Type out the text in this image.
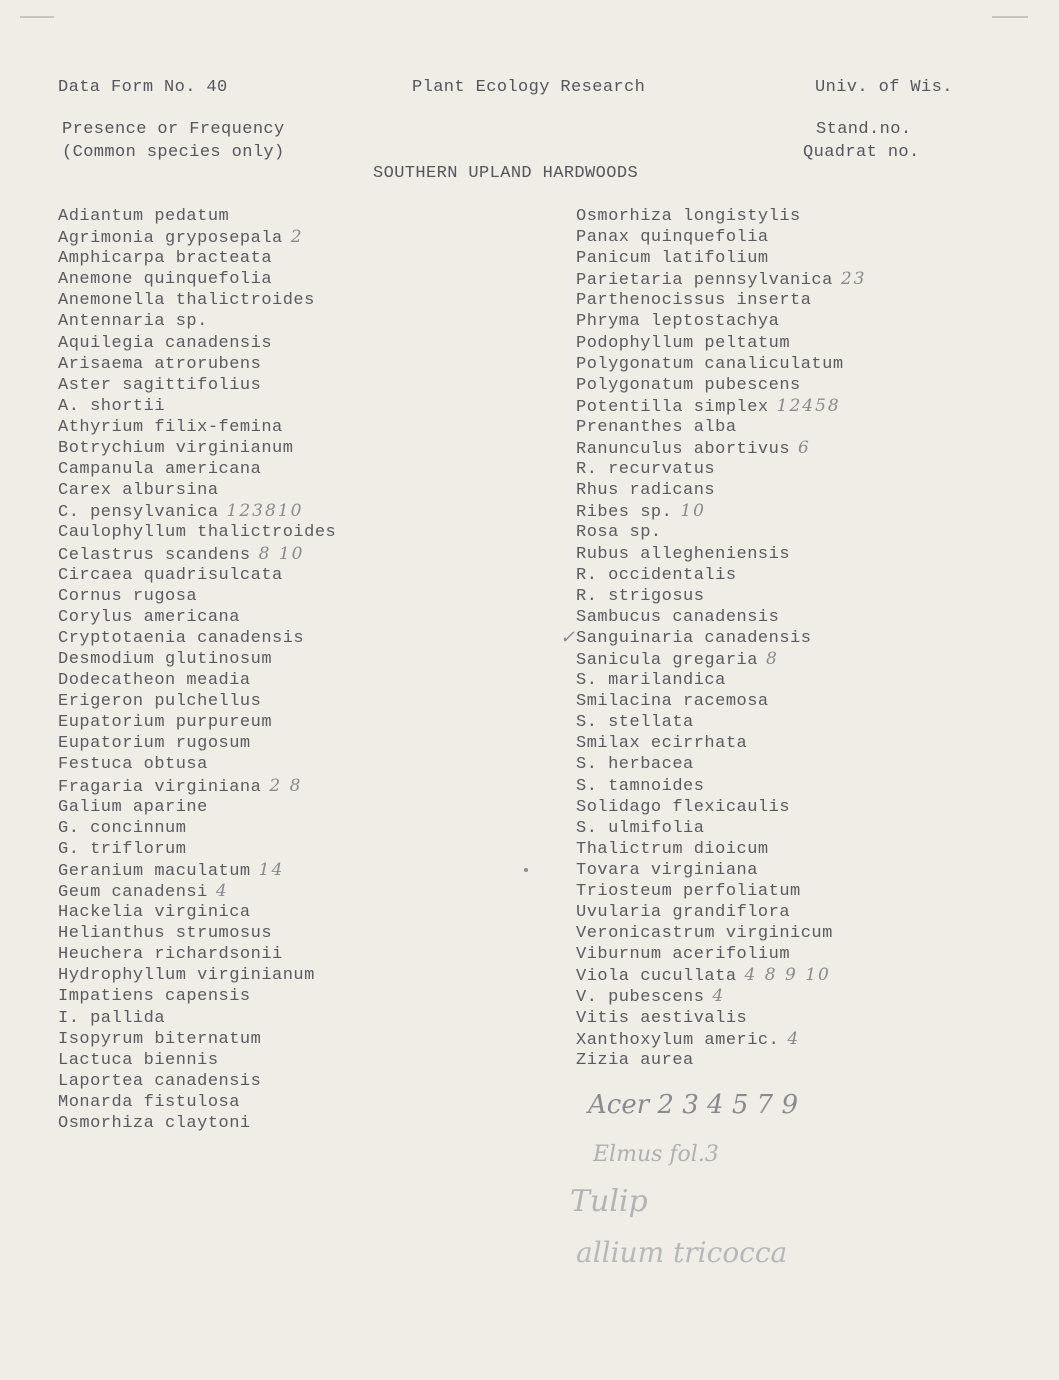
Data Form No. 40	Plant Ecology Research	Univ. of Wis.
Presence or Frequency
(Common species only)
Stand.no.
Quadrat no.
SOUTHERN UPLAND HARDWOODS
Adiantum pedatum
Agrimonia gryposepala 2
Amphicarpa bracteata
Anemone quinquefolia
Anemonella thalictroides
Antennaria sp.
Aquilegia canadensis
Arisaema atrorubens
Aster sagittifolius
A. shortii
Athyrium filix-femina
Botrychium virginianum
Campanula americana
Carex albursina
C. pensylvanica 123810
Caulophyllum thalictroides
Celastrus scandens 8 10
Circaea quadrisulcata
Cornus rugosa
Corylus americana
Cryptotaenia canadensis
Desmodium glutinosum
Dodecatheon meadia
Erigeron pulchellus
Eupatorium purpureum
Eupatorium rugosum
Festuca obtusa
Fragaria virginiana 2 8
Galium aparine
G. concinnum
G. triflorum
Geranium maculatum 14
Geum canadensi 4
Hackelia virginica
Helianthus strumosus
Heuchera richardsonii
Hydrophyllum virginianum
Impatiens capensis
I. pallida
Isopyrum biternatum
Lactuca biennis
Laportea canadensis
Monarda fistulosa
Osmorhiza claytoni
Osmorhiza longistylis
Panax quinquefolia
Panicum latifolium
Parietaria pennsylvanica 23
Parthenocissus inserta
Phryma leptostachya
Podophyllum peltatum
Polygonatum canaliculatum
Polygonatum pubescens
Potentilla simplex 12458
Prenanthes alba
Ranunculus abortivus 6
R. recurvatus
Rhus radicans
Ribes sp. 10
Rosa sp.
Rubus allegheniensis
R. occidentalis
R. strigosus
Sambucus canadensis
Sanguinaria canadensis
Sanicula gregaria 8
S. marilandica
Smilacina racemosa
S. stellata
Smilax ecirrhata
S. herbacea
S. tamnoides
Solidago flexicaulis
S. ulmifolia
Thalictrum dioicum
Tovara virginiana
Triosteum perfoliatum
Uvularia grandiflora
Veronicastrum virginicum
Viburnum acerifolium
Viola cucullata 4 8 9 10
V. pubescens 4
Vitis aestivalis
Xanthoxylum americ. 4
Zizia aurea
✓
Acer 2 3 4 5 7 9
Elmus fol.3
Tulip
allium tricocca
